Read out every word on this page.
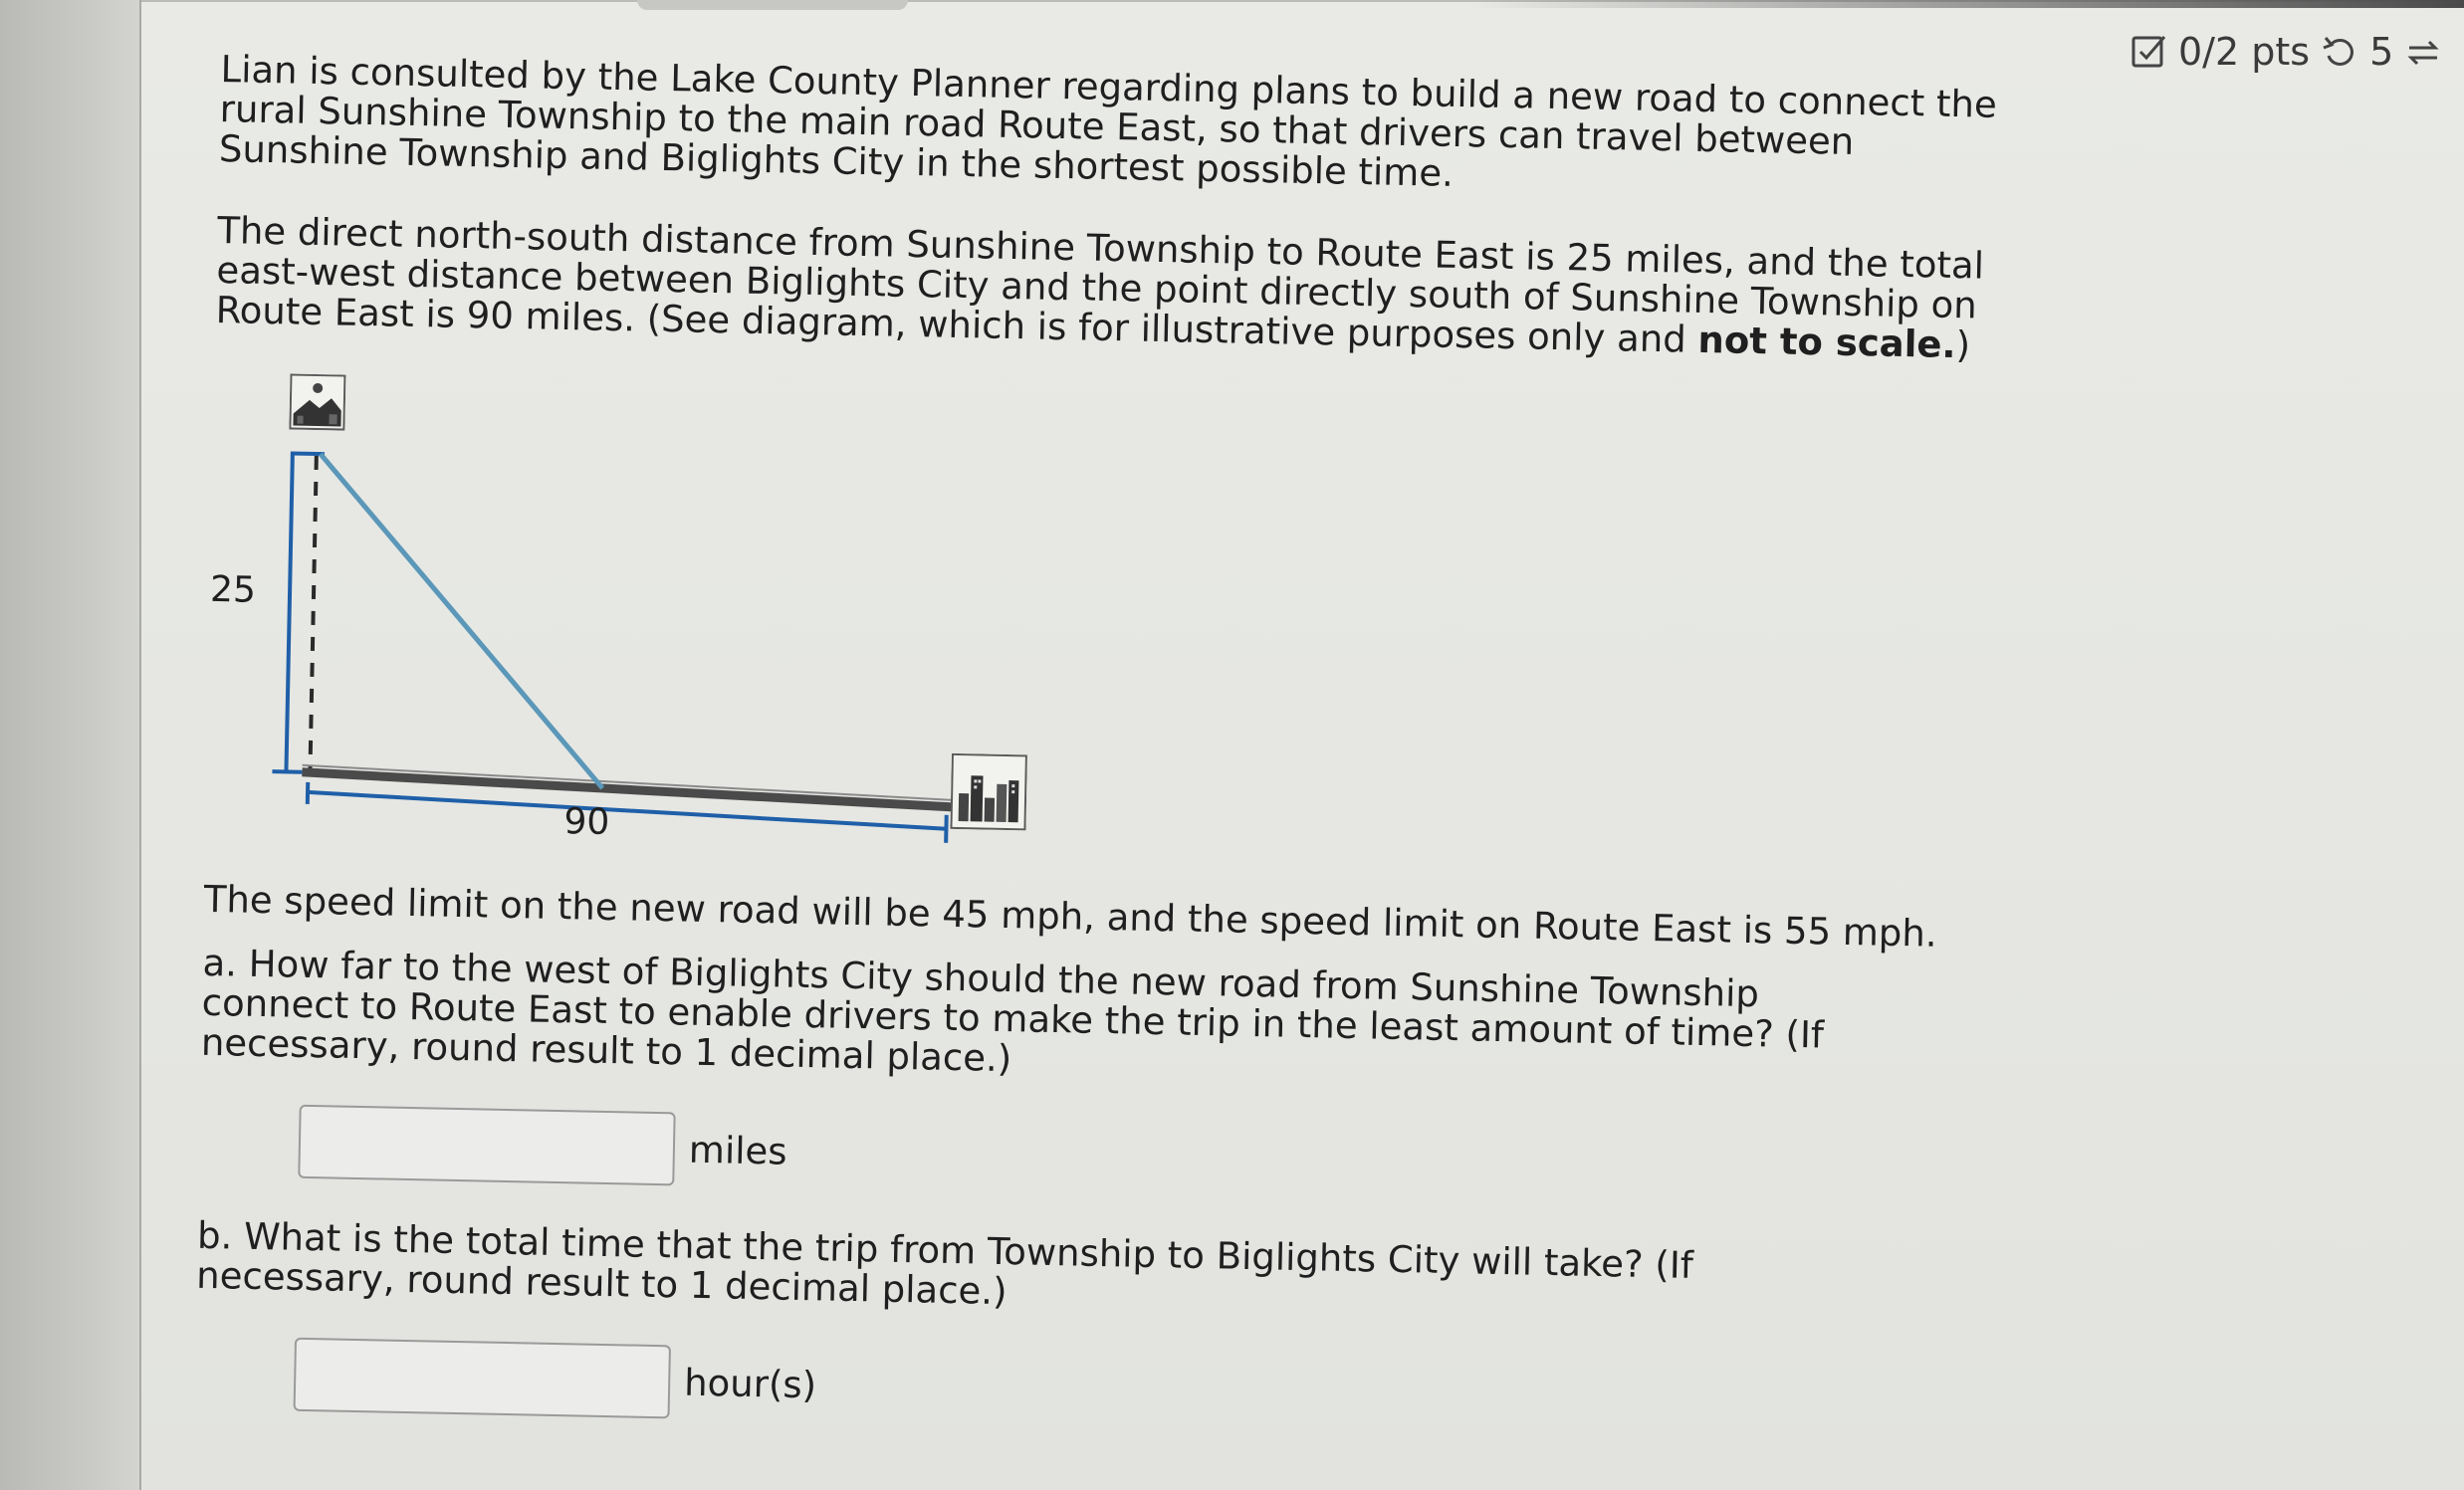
0/2 pts 5

Lian is consulted by the Lake County Planner regarding plans to build a new road to connect the rural Sunshine Township to the main road Route East, so that drivers can travel between Sunshine Township and Biglights City in the shortest possible time.

The direct north-south distance from Sunshine Township to Route East is 25 miles, and the total east-west distance between Biglights City and the point directly south of Sunshine Township on Route East is 90 miles. (See diagram, which is for illustrative purposes only and not to scale.)

25
90

The speed limit on the new road will be 45 mph, and the speed limit on Route East is 55 mph.

a. How far to the west of Biglights City should the new road from Sunshine Township connect to Route East to enable drivers to make the trip in the least amount of time? (If necessary, round result to 1 decimal place.)

miles

b. What is the total time that the trip from Township to Biglights City will take? (If necessary, round result to 1 decimal place.)

hour(s)
